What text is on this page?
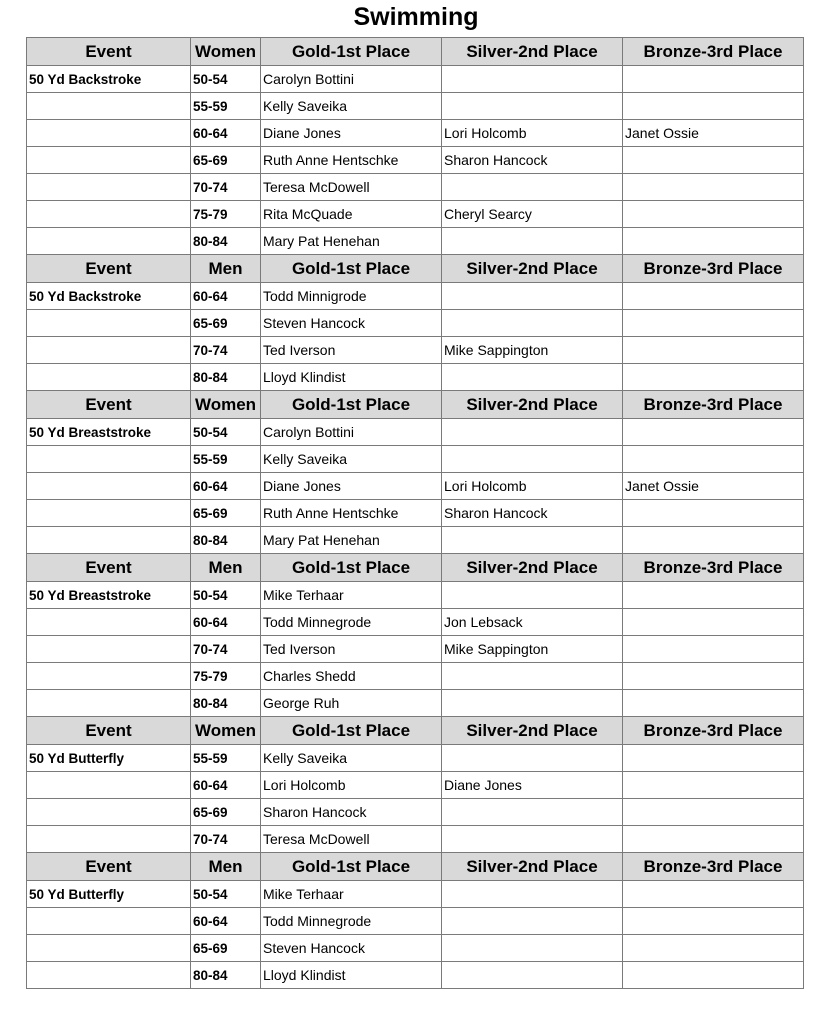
Swimming
Event	Women	Gold-1st Place	Silver-2nd Place	Bronze-3rd Place
50 Yd Backstroke	50-54	Carolyn Bottini		
	55-59	Kelly Saveika		
	60-64	Diane Jones	Lori Holcomb	Janet Ossie
	65-69	Ruth Anne Hentschke	Sharon Hancock	
	70-74	Teresa McDowell		
	75-79	Rita McQuade	Cheryl Searcy	
	80-84	Mary Pat Henehan		
Event	Men	Gold-1st Place	Silver-2nd Place	Bronze-3rd Place
50 Yd Backstroke	60-64	Todd Minnigrode		
	65-69	Steven Hancock		
	70-74	Ted Iverson	Mike Sappington	
	80-84	Lloyd Klindist		
Event	Women	Gold-1st Place	Silver-2nd Place	Bronze-3rd Place
50 Yd Breaststroke	50-54	Carolyn Bottini		
	55-59	Kelly Saveika		
	60-64	Diane Jones	Lori Holcomb	Janet Ossie
	65-69	Ruth Anne Hentschke	Sharon Hancock	
	80-84	Mary Pat Henehan		
Event	Men	Gold-1st Place	Silver-2nd Place	Bronze-3rd Place
50 Yd Breaststroke	50-54	Mike Terhaar		
	60-64	Todd Minnegrode	Jon Lebsack	
	70-74	Ted Iverson	Mike Sappington	
	75-79	Charles Shedd		
	80-84	George Ruh		
Event	Women	Gold-1st Place	Silver-2nd Place	Bronze-3rd Place
50 Yd Butterfly	55-59	Kelly Saveika		
	60-64	Lori Holcomb	Diane Jones	
	65-69	Sharon Hancock		
	70-74	Teresa McDowell		
Event	Men	Gold-1st Place	Silver-2nd Place	Bronze-3rd Place
50 Yd Butterfly	50-54	Mike Terhaar		
	60-64	Todd Minnegrode		
	65-69	Steven Hancock		
	80-84	Lloyd Klindist		
